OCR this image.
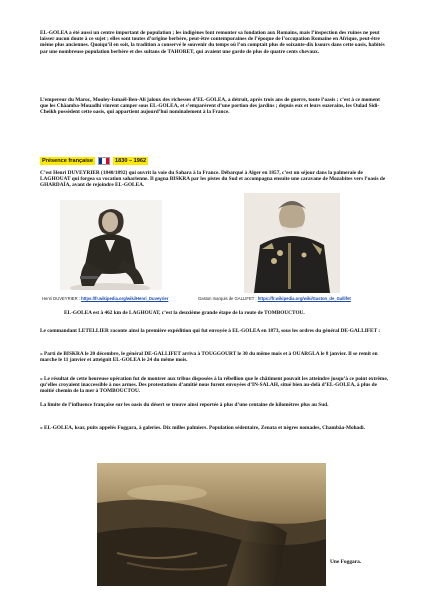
EL-GOLEA a été aussi un centre important de population ; les indigènes font remonter sa fondation aux Romains, mais l’inspection des ruines ne peut laisser aucun doute à ce sujet ; elles sont toutes d’origine berbère, peut-être contemporaines de l’époque de l’occupation Romaine en Afrique, peut-être même plus anciennes. Quoiqu’il en soit, la tradition a conservé le souvenir du temps où l’on comptait plus de soixante-dix ksours dans cette oasis, habités par une nombreuse population berbère et des sultans de TAHORET, qui avaient une garde de plus de quatre cents chevaux.

L’empereur du Maroc, Mouley-Ismaël-Ben-Ali jaloux des richesses d’EL-GOLEA, a détruit, après trois ans de guerre, toute l’oasis ; c’est à ce moment que les Châamba-Mouadhi vinrent camper sous EL-GOLEA, et s’emparèrent d’une portion des jardins ; depuis eux et leurs suzerains, les Oulad Sidi-Cheikh possèdent cette oasis, qui appartient aujourd’hui nominalement à la France.

Présence française	1830 – 1962

C’est Henri DUVEYRIER (1840/1892) qui ouvrit la voie du Sahara à la France. Débarqué à Alger en 1857, c’est un séjour dans la palmeraie de LAGHOUAT qui forgea sa vocation saharienne. Il gagna BISKRA par les pistes du Sud et accompagna ensuite une caravane de Mozabites vers l’oasis de GHARDAÏA, avant de rejoindre EL-GOLEA.

Henri DUVEYRIER : https://fr.wikipedia.org/wiki/Henri_Duveyrier	Gaston marquis de GALLIFET : https://fr.wikipedia.org/wiki/Gaston_de_Gallifet

EL-GOLEA est à 462 km de LAGHOUAT, c’est la deuxième grande étape de la route de TOMBOUCTOU.

Le commandant LETELLIER raconte ainsi la première expédition qui fut envoyée à EL-GOLEA en 1873, sous les ordres du général DE-GALLIFET :

« Parti de BISKRA le 20 décembre, le général DE-GALLIFET arriva à TOUGGOURT le 30 du même mois et à OUARGLA le 8 janvier. Il se remit en marche le 11 janvier et atteignit EL-GOLEA le 24 du même mois.

« Le résultat de cette heureuse opération fut de montrer aux tribus disposées à la rébellion que le châtiment pouvait les atteindre jusqu’à ce point extrême, qu’elles croyaient inaccessible à nos armes. Des protestations d’amitié nous furent envoyées d’IN-SALAH, situé bien au-delà d’EL-GOLEA, à plus de moitié chemin de la mer à TOMBOUCTOU.

La limite de l’influence française sur les oasis du désert se trouve ainsi reportée à plus d’une centaine de kilomètres plus au Sud.

« EL-GOLEA, ksar, puits appelés Foggara, à galeries. Dix milles palmiers. Population sédentaire, Zenata et nègres nomades, Chambâa-Mohadi.

Une Foggara.
